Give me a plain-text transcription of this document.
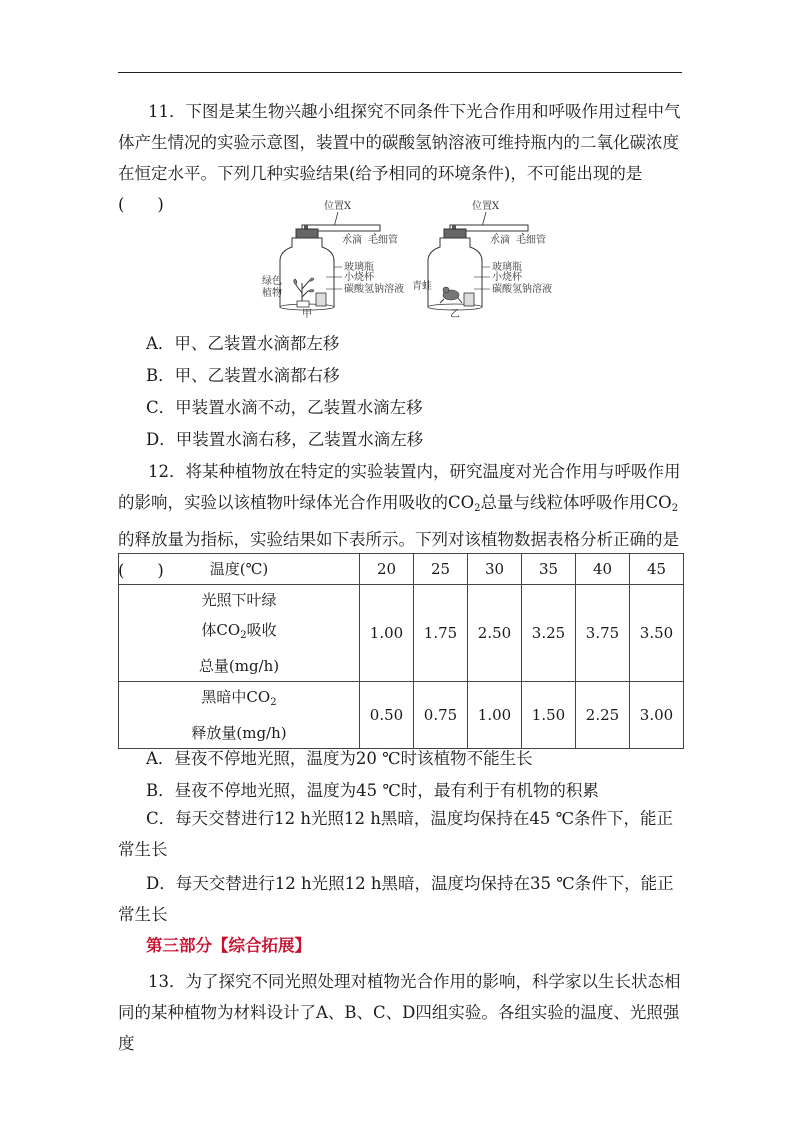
11．下图是某生物兴趣小组探究不同条件下光合作用和呼吸作用过程中气体产生情况的实验示意图，装置中的碳酸氢钠溶液可维持瓶内的二氧化碳浓度在恒定水平。下列几种实验结果(给予相同的环境条件)，不可能出现的是(　　)	位置X
水滴 毛细管
玻璃瓶
小烧杯
碳酸氢钠溶液
绿色
植物
甲
位置X
水滴 毛细管
玻璃瓶
小烧杯
碳酸氢钠溶液
青蛙
乙
A．甲、乙装置水滴都左移
B．甲、乙装置水滴都右移
C．甲装置水滴不动，乙装置水滴左移
D．甲装置水滴右移，乙装置水滴左移

12．将某种植物放在特定的实验装置内，研究温度对光合作用与呼吸作用的影响，实验以该植物叶绿体光合作用吸收的$CO_2$总量与线粒体呼吸作用$CO_2$的释放量为指标，实验结果如下表所示。下列对该植物数据表格分析正确的是(　　)	温度(℃)	20	25	30	35	40	45

光照下叶绿
体$CO_2$吸收
总量(mg/h)	1.00	1.75	2.50	3.25	3.75	3.50

黑暗中$CO_2$
释放量(mg/h)	0.50	0.75	1.00	1.50	2.25	3.00
A．昼夜不停地光照，温度为20 ℃时该植物不能生长
B．昼夜不停地光照，温度为45 ℃时，最有利于有机物的积累

C．每天交替进行12 h光照12 h黑暗，温度均保持在45 ℃条件下，能正常生长

D．每天交替进行12 h光照12 h黑暗，温度均保持在35 ℃条件下，能正常生长

第三部分【综合拓展】

13．为了探究不同光照处理对植物光合作用的影响，科学家以生长状态相同的某种植物为材料设计了A、B、C、D四组实验。各组实验的温度、光照强度
